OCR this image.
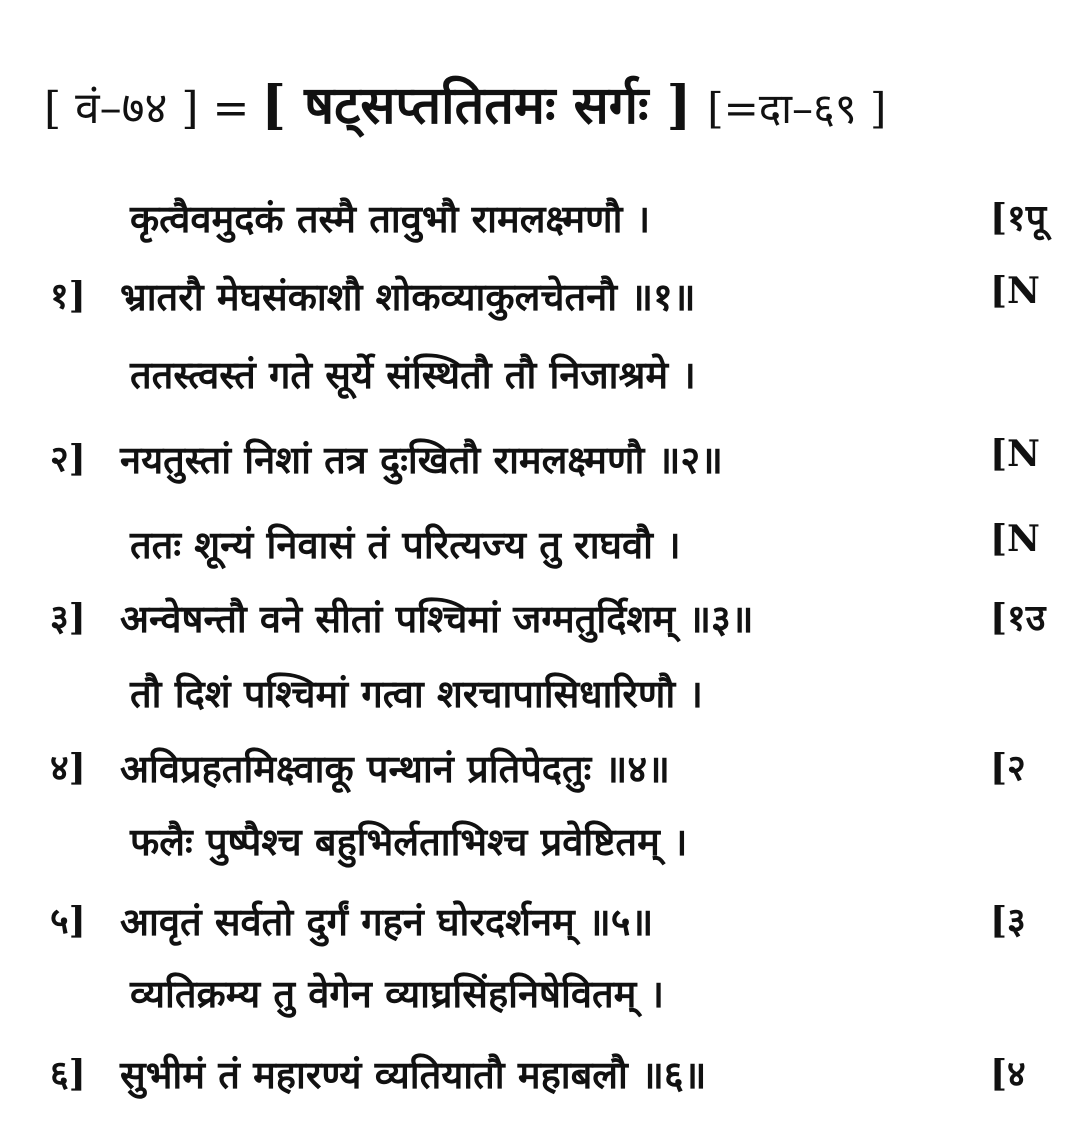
[ वं–७४ ] = [ षट्सप्ततितमः सर्गः ] [=दा–६९ ]
कृत्वैवमुदकं तस्मै तावुभौ रामलक्ष्मणौ ।	[१पू
१] भ्रातरौ मेघसंकाशौ शोकव्याकुलचेतनौ ॥१॥	[N
ततस्त्वस्तं गते सूर्ये संस्थितौ तौ निजाश्रमे ।
२] नयतुस्तां निशां तत्र दुःखितौ रामलक्ष्मणौ ॥२॥	[N
ततः शून्यं निवासं तं परित्यज्य तु राघवौ ।	[N
३] अन्वेषन्तौ वने सीतां पश्चिमां जग्मतुर्दिशम् ॥३॥	[१उ
तौ दिशं पश्चिमां गत्वा शरचापासिधारिणौ ।
४] अविप्रहतमिक्ष्वाकू पन्थानं प्रतिपेदतुः ॥४॥	[२
फलैः पुष्पैश्च बहुभिर्लताभिश्च प्रवेष्टितम् ।
५] आवृतं सर्वतो दुर्गं गहनं घोरदर्शनम् ॥५॥	[३
व्यतिक्रम्य तु वेगेन व्याघ्रसिंहनिषेवितम् ।
६] सुभीमं तं महारण्यं व्यतियातौ महाबलौ ॥६॥	[४
